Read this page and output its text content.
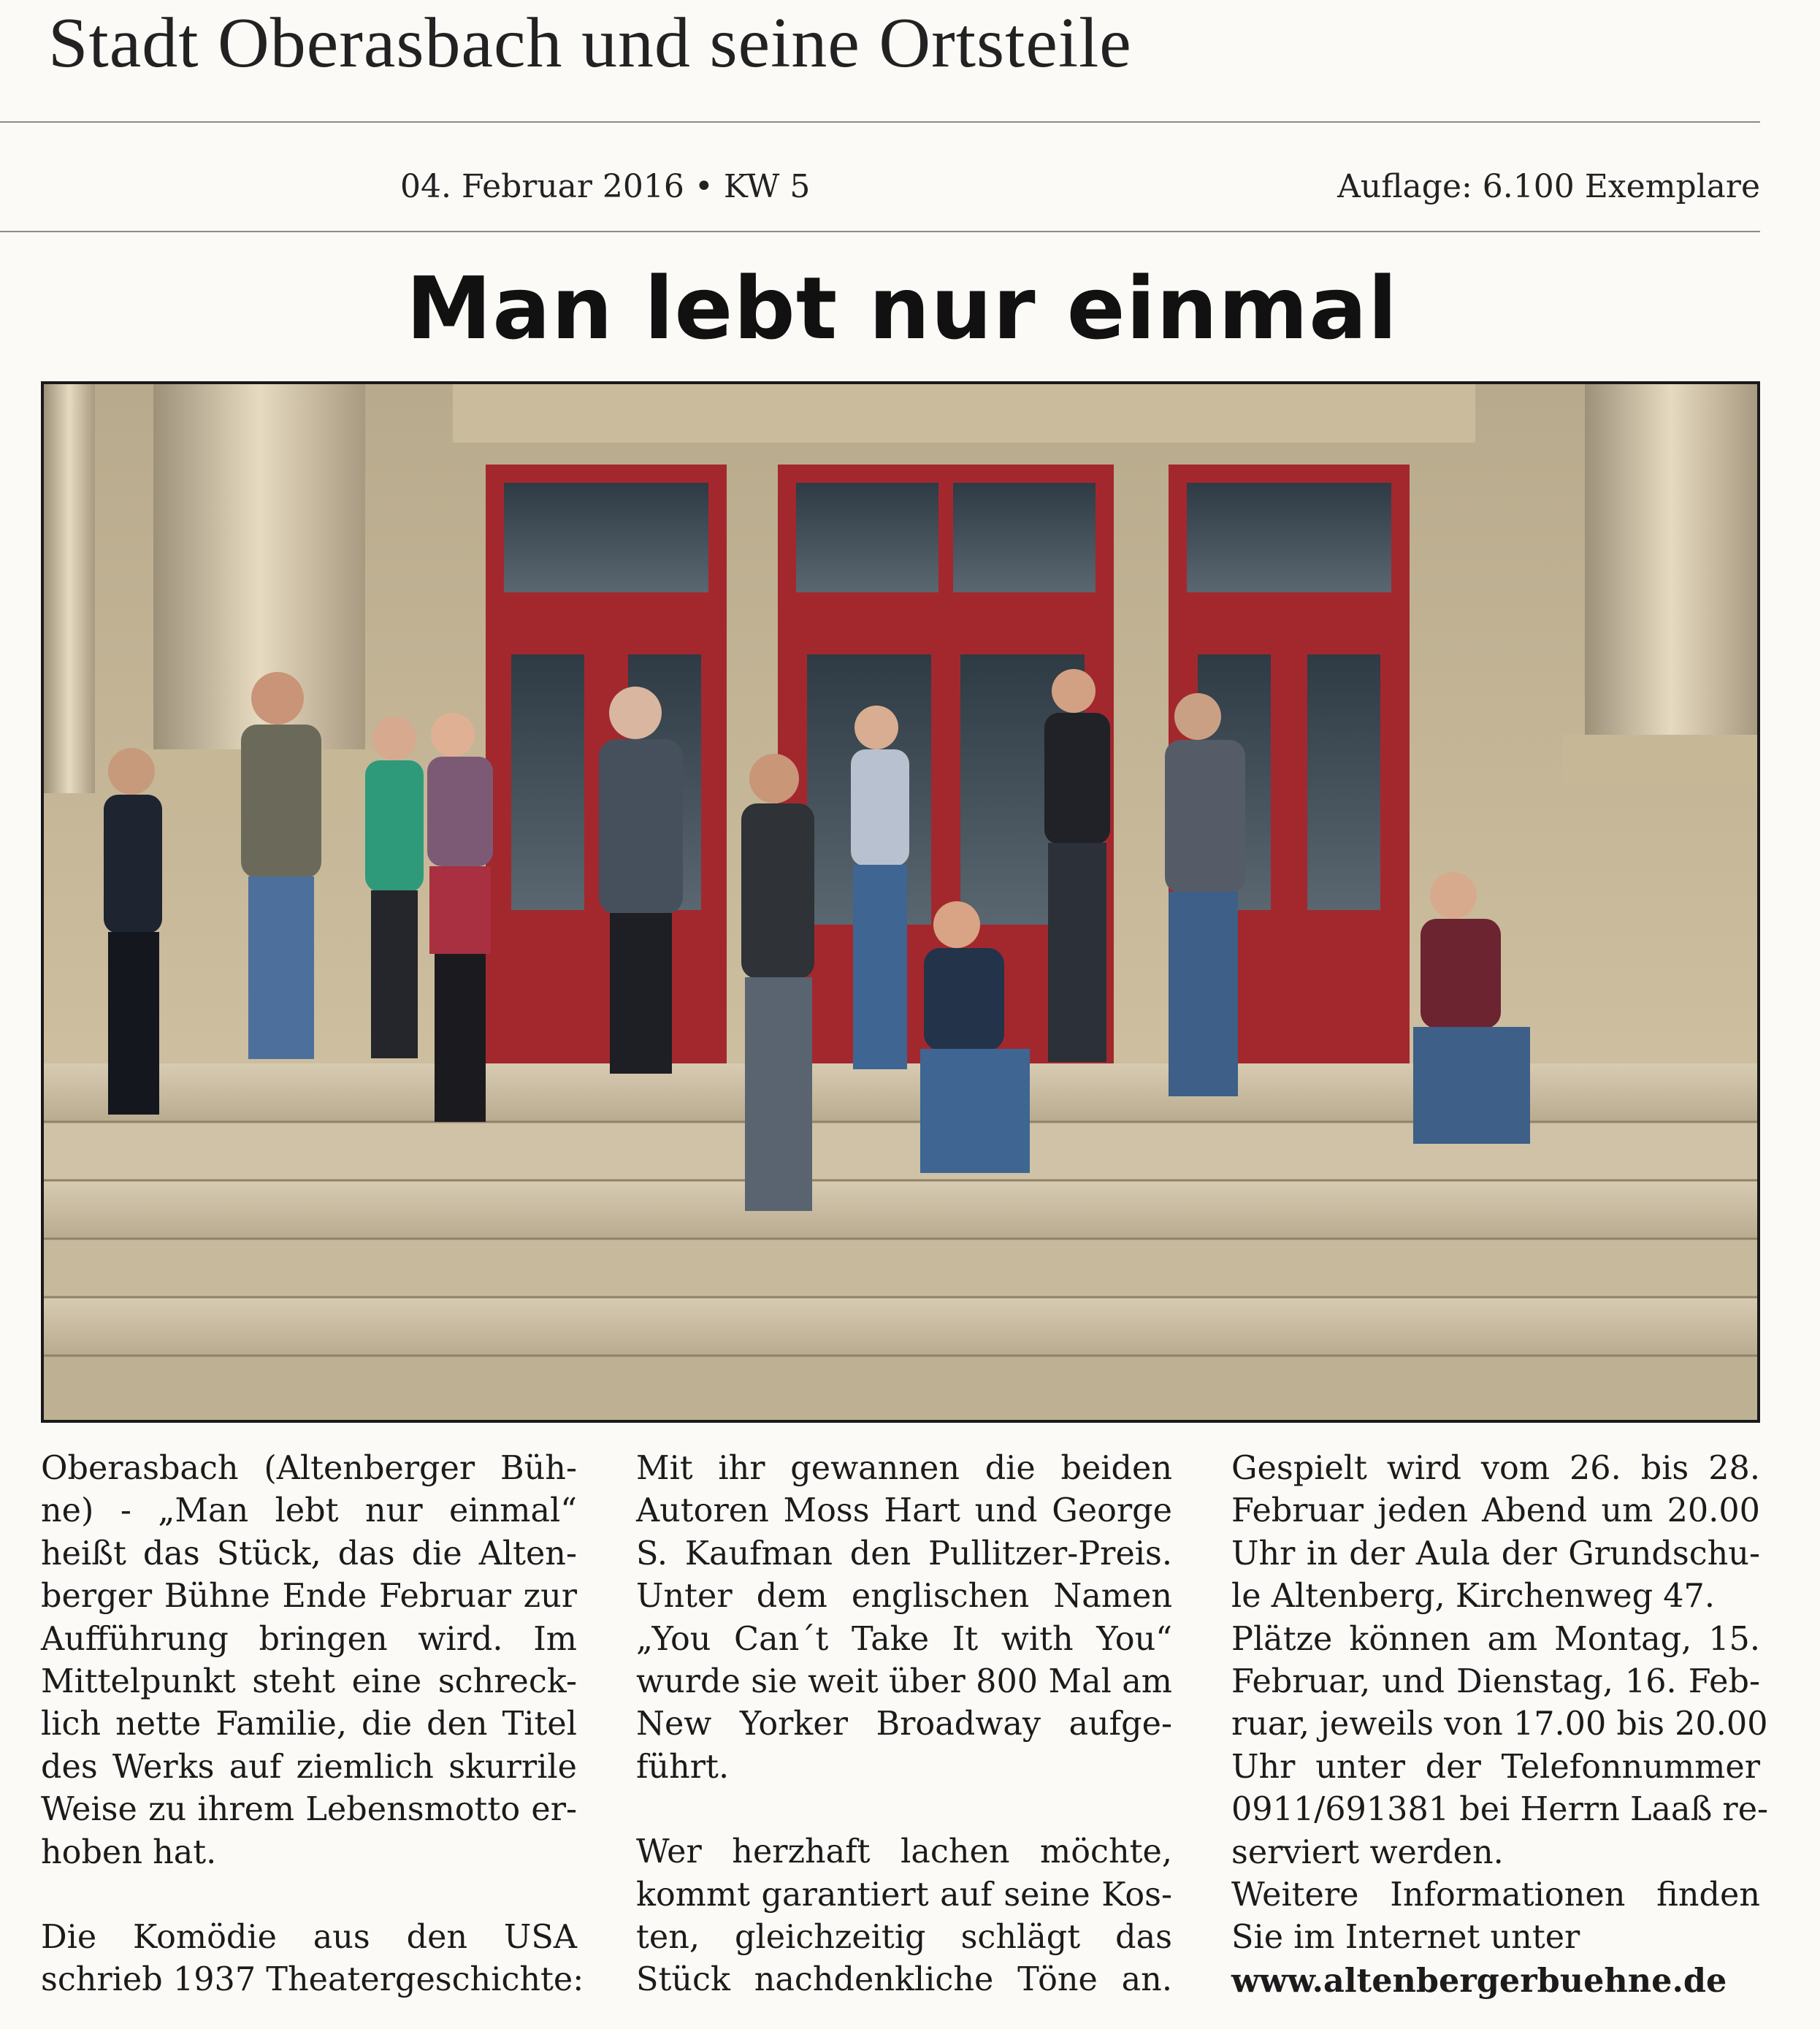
Stadt Oberasbach und seine Ortsteile
04. Februar 2016 • KW 5	Auflage: 6.100 Exemplare
Man lebt nur einmal

Oberasbach (Altenberger Büh-
ne) - „Man lebt nur einmal“
heißt das Stück, das die Alten-
berger Bühne Ende Februar zur
Aufführung bringen wird. Im
Mittelpunkt steht eine schreck-
lich nette Familie, die den Titel
des Werks auf ziemlich skurrile
Weise zu ihrem Lebensmotto er-
hoben hat.

Die Komödie aus den USA
schrieb 1937 Theatergeschichte:

Mit ihr gewannen die beiden
Autoren Moss Hart und George
S. Kaufman den Pullitzer-Preis.
Unter dem englischen Namen
„You Can´t Take It with You“
wurde sie weit über 800 Mal am
New Yorker Broadway aufge-
führt.

Wer herzhaft lachen möchte,
kommt garantiert auf seine Kos-
ten, gleichzeitig schlägt das
Stück nachdenkliche Töne an.

Gespielt wird vom 26. bis 28.
Februar jeden Abend um 20.00
Uhr in der Aula der Grundschu-
le Altenberg, Kirchenweg 47.
Plätze können am Montag, 15.
Februar, und Dienstag, 16. Feb-
ruar, jeweils von 17.00 bis 20.00
Uhr unter der Telefonnummer
0911/691381 bei Herrn Laaß re-
serviert werden.
Weitere Informationen finden
Sie im Internet unter
www.altenbergerbuehne.de
